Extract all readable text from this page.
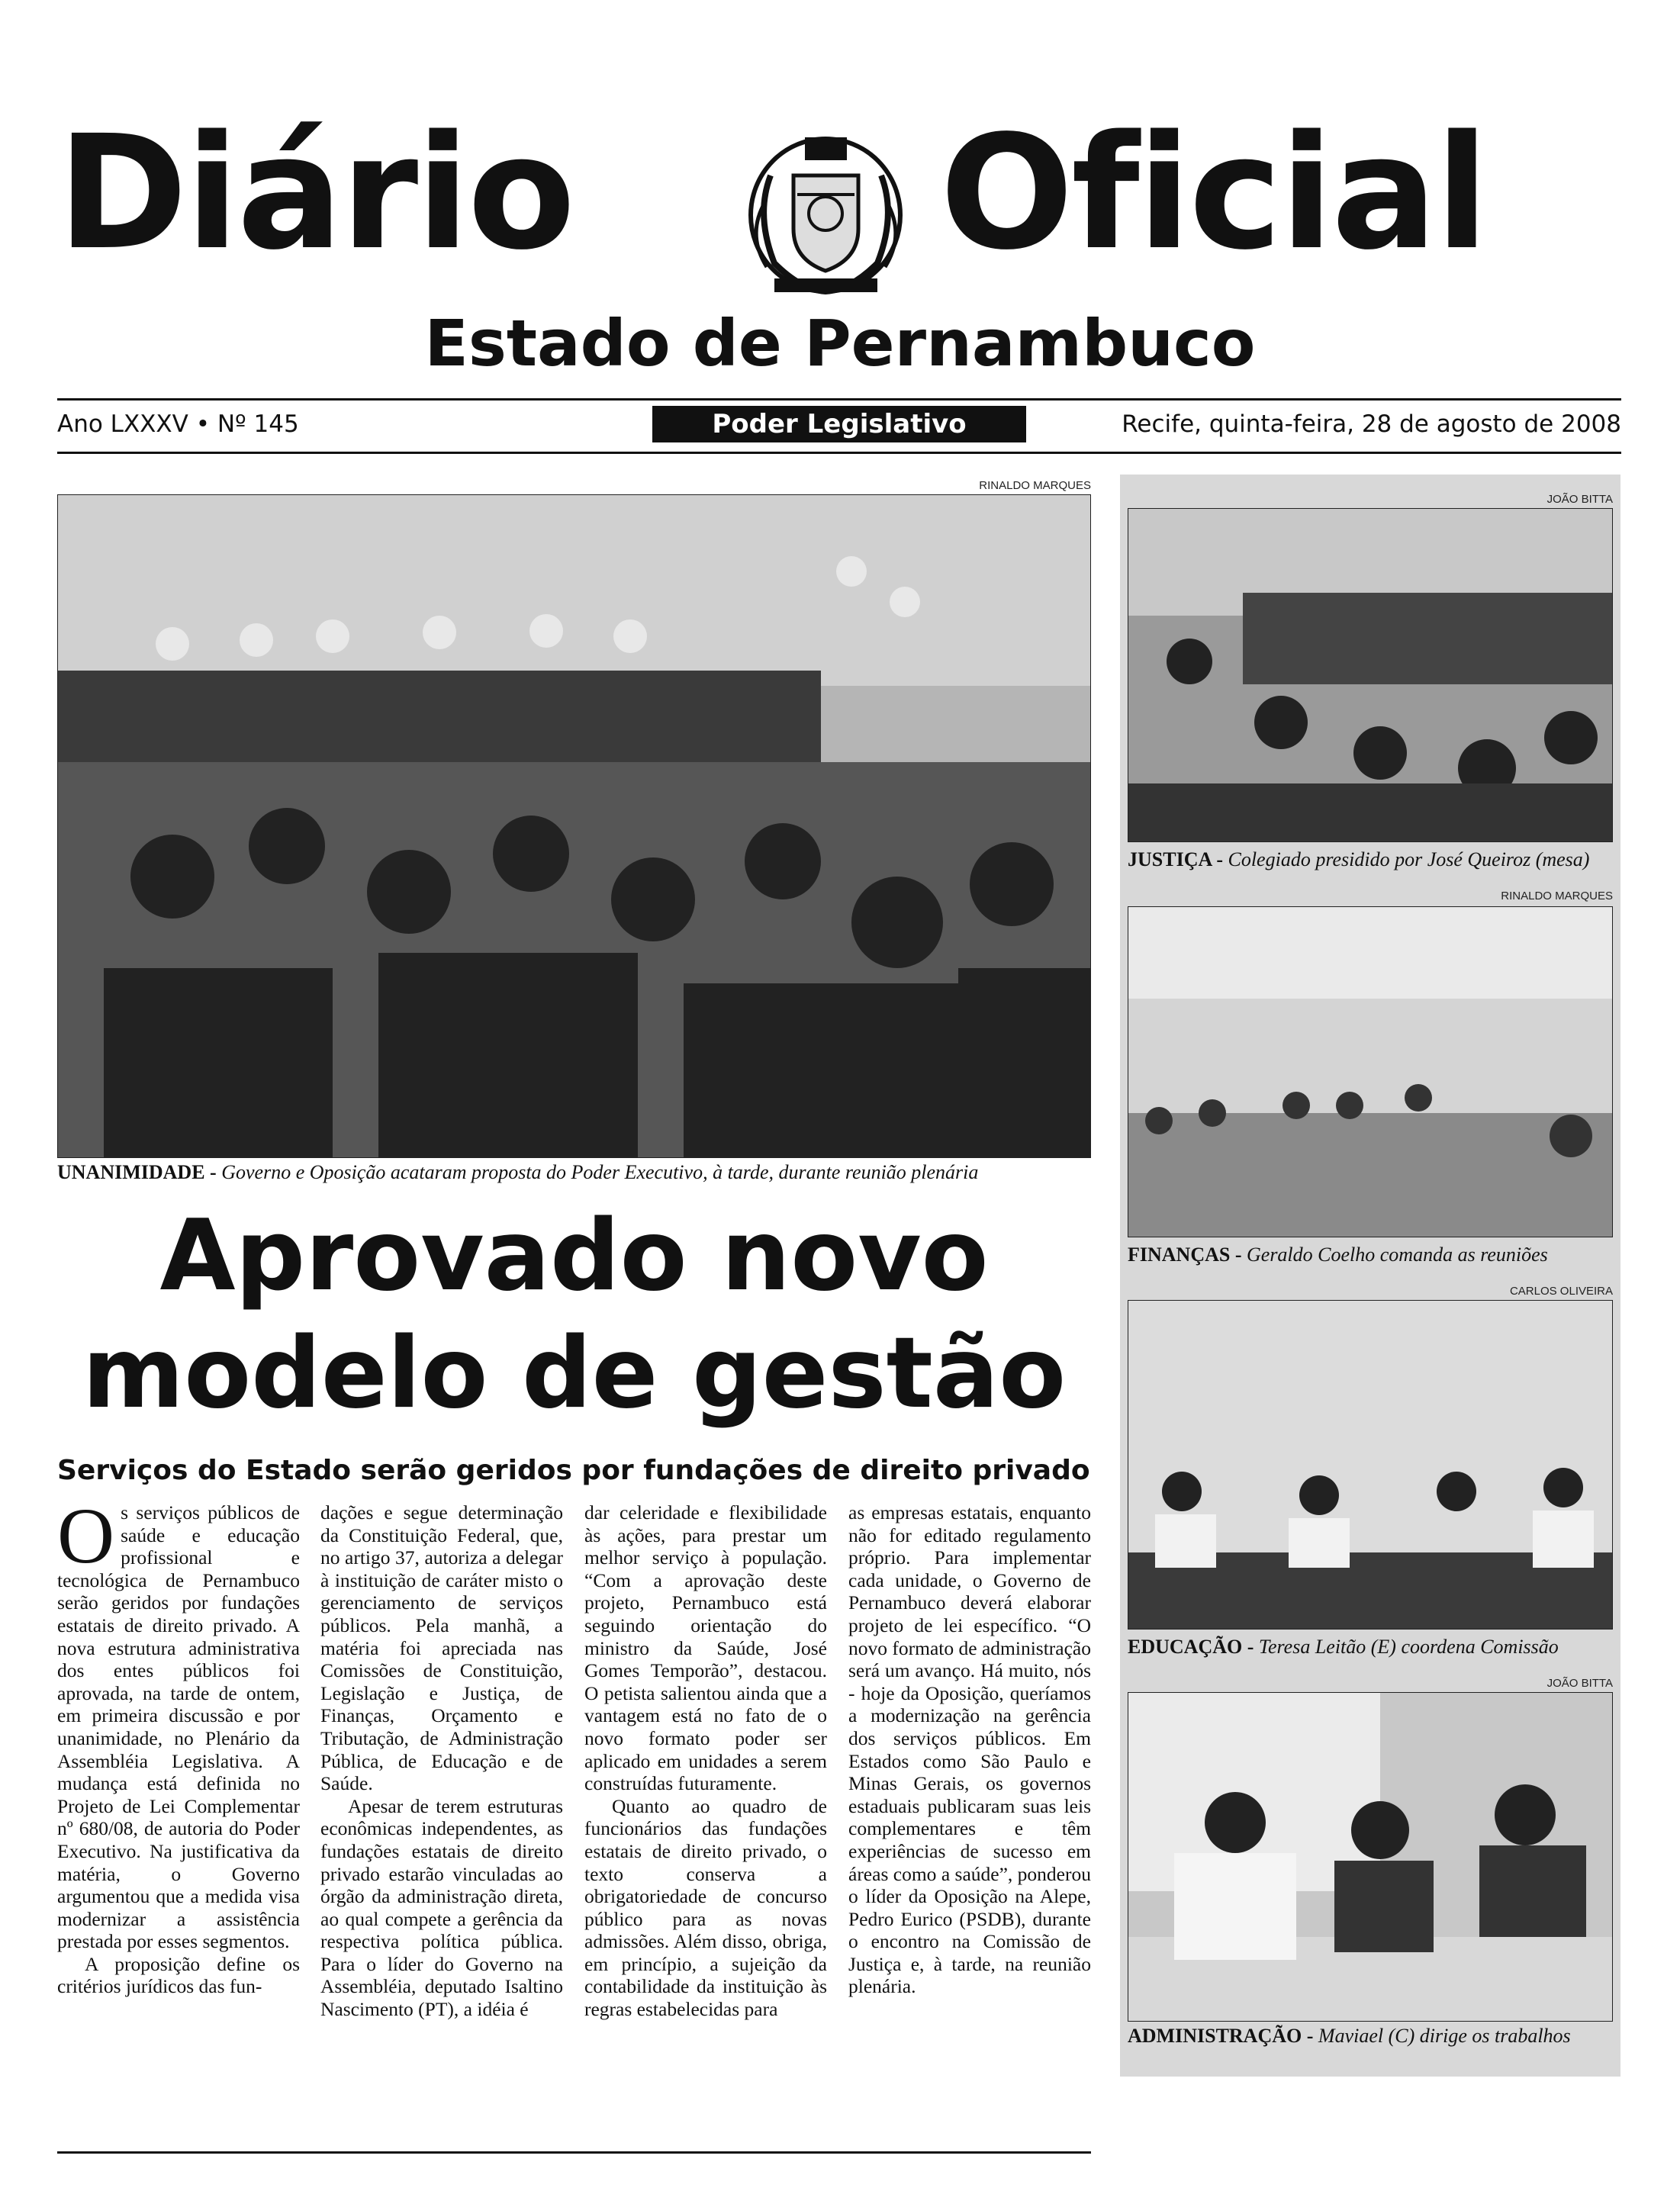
Diário Oficial
Estado de Pernambuco
Ano LXXXV • Nº 145	Poder Legislativo	Recife, quinta-feira, 28 de agosto de 2008
RINALDO MARQUES
UNANIMIDADE - Governo e Oposição acataram proposta do Poder Executivo, à tarde, durante reunião plenária
Aprovado novo
modelo de gestão
Serviços do Estado serão geridos por fundações de direito privado

Os serviços públicos de saúde e educação profissional e tecnológica de Pernambuco serão geridos por fundações estatais de direito privado. A nova estrutura administrativa dos entes públicos foi aprovada, na tarde de ontem, em primeira discussão e por unanimidade, no Plenário da Assembléia Legislativa. A mudança está definida no Projeto de Lei Complementar nº 680/08, de autoria do Poder Executivo. Na justificativa da matéria, o Governo argumentou que a medida visa modernizar a assistência prestada por esses segmentos.

A proposição define os critérios jurídicos das fun-

dações e segue determinação da Constituição Federal, que, no artigo 37, autoriza a delegar à instituição de caráter misto o gerenciamento de serviços públicos. Pela manhã, a matéria foi apreciada nas Comissões de Constituição, Legislação e Justiça, de Finanças, Orçamento e Tributação, de Administração Pública, de Educação e de Saúde.

Apesar de terem estruturas econômicas independentes, as fundações estatais de direito privado estarão vinculadas ao órgão da administração direta, ao qual compete a gerência da respectiva política pública. Para o líder do Governo na Assembléia, deputado Isaltino Nascimento (PT), a idéia é

dar celeridade e flexibilidade às ações, para prestar um melhor serviço à população. “Com a aprovação deste projeto, Pernambuco está seguindo orientação do ministro da Saúde, José Gomes Temporão”, destacou. O petista salientou ainda que a vantagem está no fato de o novo formato poder ser aplicado em unidades a serem construídas futuramente.

Quanto ao quadro de funcionários das fundações estatais de direito privado, o texto conserva a obrigatoriedade de concurso público para as novas admissões. Além disso, obriga, em princípio, a sujeição da contabilidade da instituição às regras estabelecidas para

as empresas estatais, enquanto não for editado regulamento próprio. Para implementar cada unidade, o Governo de Pernambuco deverá elaborar projeto de lei específico. “O novo formato de administração será um avanço. Há muito, nós - hoje da Oposição, queríamos a modernização na gerência dos serviços públicos. Em Estados como São Paulo e Minas Gerais, os governos estaduais publicaram suas leis complementares e têm experiências de sucesso em áreas como a saúde”, ponderou o líder da Oposição na Alepe, Pedro Eurico (PSDB), durante o encontro na Comissão de Justiça e, à tarde, na reunião plenária.

JOÃO BITTA
JUSTIÇA - Colegiado presidido por José Queiroz (mesa)
RINALDO MARQUES
FINANÇAS - Geraldo Coelho comanda as reuniões
CARLOS OLIVEIRA
EDUCAÇÃO - Teresa Leitão (E) coordena Comissão
JOÃO BITTA
ADMINISTRAÇÃO - Maviael (C) dirige os trabalhos
